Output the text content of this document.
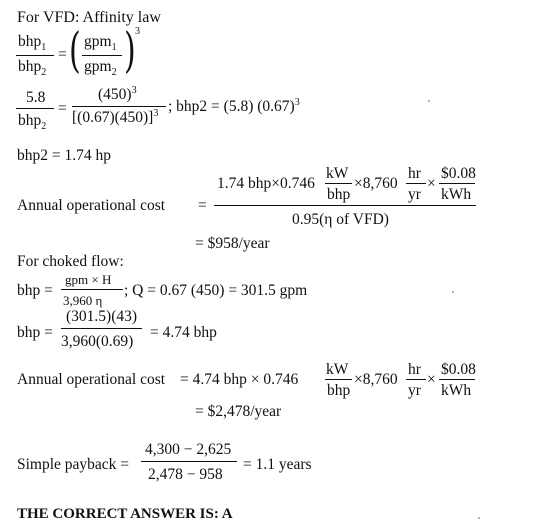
For VFD: Affinity law
bhp$_1$
bhp$_2$
= ( gpm$_1$
gpm$_2$ ) 3
5.8
bhp$_2$
=
$(450)^3$
$[(0.67)(450)]^3$ ; bhp2 = (5.8) $(0.67)^3$
bhp2 = 1.74 hp
Annual operational cost =
1.74 bhp×0.746
kW
bhp
×8,760
hr
yr
×
$0.08
kWh
0.95(η of VFD)
= $958/year
For choked flow:
bhp =
gpm × H
3,960 η
; Q = 0.67 (450) = 301.5 gpm
bhp =
(301.5)(43)
3,960(0.69)
= 4.74 bhp
Annual operational cost = 4.74 bhp × 0.746
kW
bhp
×8,760
hr
yr
×
$0.08
kWh
= $2,478/year
Simple payback =
4,300 − 2,625
2,478 − 958
= 1.1 years
THE CORRECT ANSWER IS: A
